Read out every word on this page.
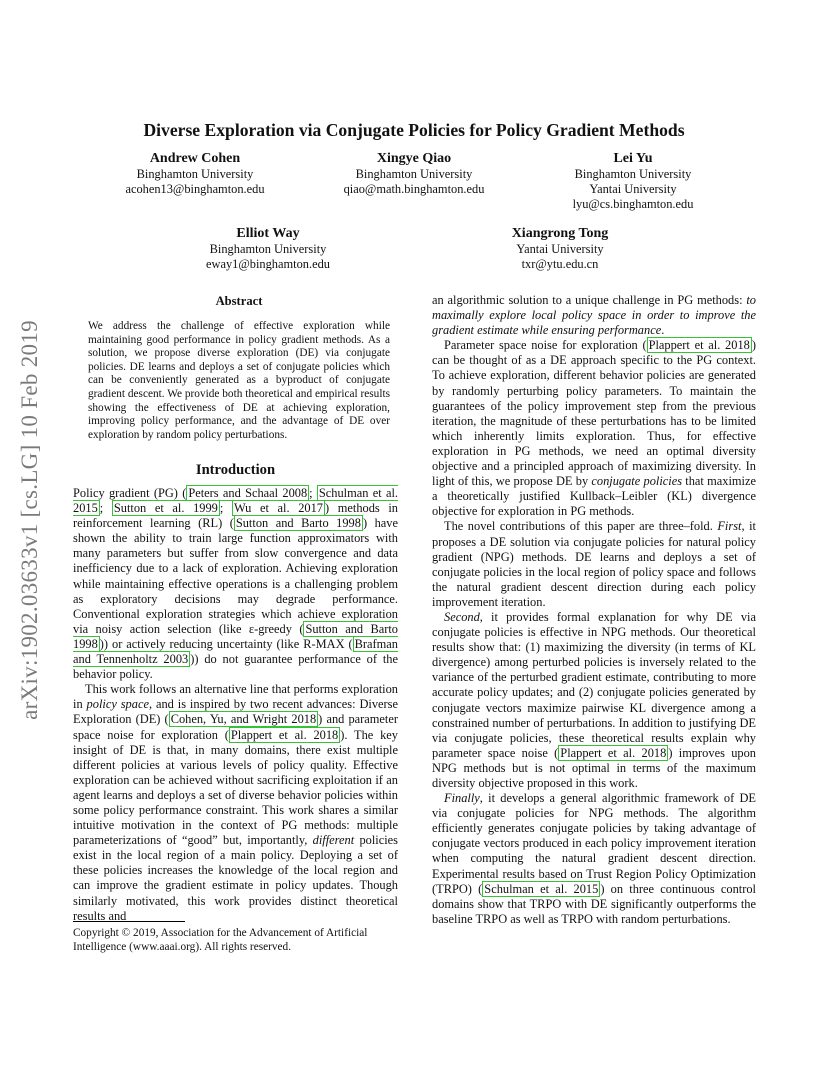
arXiv:1902.03633v1 [cs.LG] 10 Feb 2019
Diverse Exploration via Conjugate Policies for Policy Gradient Methods
Andrew Cohen
Binghamton University
acohen13@binghamton.edu
Xingye Qiao
Binghamton University
qiao@math.binghamton.edu
Lei Yu
Binghamton University
Yantai University
lyu@cs.binghamton.edu
Elliot Way
Binghamton University
eway1@binghamton.edu
Xiangrong Tong
Yantai University
txr@ytu.edu.cn
Abstract
We address the challenge of effective exploration while maintaining good performance in policy gradient methods. As a solution, we propose diverse exploration (DE) via conjugate policies. DE learns and deploys a set of conjugate policies which can be conveniently generated as a byproduct of conjugate gradient descent. We provide both theoretical and empirical results showing the effectiveness of DE at achieving exploration, improving policy performance, and the advantage of DE over exploration by random policy perturbations.
Introduction

Policy gradient (PG) ( Peters and Schaal 2008 ; Schulman et al. 2015 ; Sutton et al. 1999 ; Wu et al. 2017 ) methods in reinforcement learning (RL) ( Sutton and Barto 1998 ) have shown the ability to train large function approximators with many parameters but suffer from slow convergence and data inefficiency due to a lack of exploration. Achieving exploration while maintaining effective operations is a challenging problem as exploratory decisions may degrade performance. Conventional exploration strategies which achieve exploration via noisy action selection (like ε-greedy ( Sutton and Barto 1998 )) or actively reducing uncertainty (like R-MAX ( Brafman and Tennenholtz 2003 )) do not guarantee performance of the behavior policy.

This work follows an alternative line that performs exploration in policy space, and is inspired by two recent advances: Diverse Exploration (DE) ( Cohen, Yu, and Wright 2018 ) and parameter space noise for exploration ( Plappert et al. 2018 ). The key insight of DE is that, in many domains, there exist multiple different policies at various levels of policy quality. Effective exploration can be achieved without sacrificing exploitation if an agent learns and deploys a set of diverse behavior policies within some policy performance constraint. This work shares a similar intuitive motivation in the context of PG methods: multiple parameterizations of “good” but, importantly, different policies exist in the local region of a main policy. Deploying a set of these policies increases the knowledge of the local region and can improve the gradient estimate in policy updates. Though similarly motivated, this work provides distinct theoretical results and

Copyright © 2019, Association for the Advancement of Artificial Intelligence (www.aaai.org). All rights reserved.

an algorithmic solution to a unique challenge in PG methods: to maximally explore local policy space in order to improve the gradient estimate while ensuring performance.

Parameter space noise for exploration ( Plappert et al. 2018 ) can be thought of as a DE approach specific to the PG context. To achieve exploration, different behavior policies are generated by randomly perturbing policy parameters. To maintain the guarantees of the policy improvement step from the previous iteration, the magnitude of these perturbations has to be limited which inherently limits exploration. Thus, for effective exploration in PG methods, we need an optimal diversity objective and a principled approach of maximizing diversity. In light of this, we propose DE by conjugate policies that maximize a theoretically justified Kullback–Leibler (KL) divergence objective for exploration in PG methods.

The novel contributions of this paper are three–fold. First, it proposes a DE solution via conjugate policies for natural policy gradient (NPG) methods. DE learns and deploys a set of conjugate policies in the local region of policy space and follows the natural gradient descent direction during each policy improvement iteration.

Second, it provides formal explanation for why DE via conjugate policies is effective in NPG methods. Our theoretical results show that: (1) maximizing the diversity (in terms of KL divergence) among perturbed policies is inversely related to the variance of the perturbed gradient estimate, contributing to more accurate policy updates; and (2) conjugate policies generated by conjugate vectors maximize pairwise KL divergence among a constrained number of perturbations. In addition to justifying DE via conjugate policies, these theoretical results explain why parameter space noise ( Plappert et al. 2018 ) improves upon NPG methods but is not optimal in terms of the maximum diversity objective proposed in this work.

Finally, it develops a general algorithmic framework of DE via conjugate policies for NPG methods. The algorithm efficiently generates conjugate policies by taking advantage of conjugate vectors produced in each policy improvement iteration when computing the natural gradient descent direction. Experimental results based on Trust Region Policy Optimization (TRPO) ( Schulman et al. 2015 ) on three continuous control domains show that TRPO with DE significantly outperforms the baseline TRPO as well as TRPO with random perturbations.
